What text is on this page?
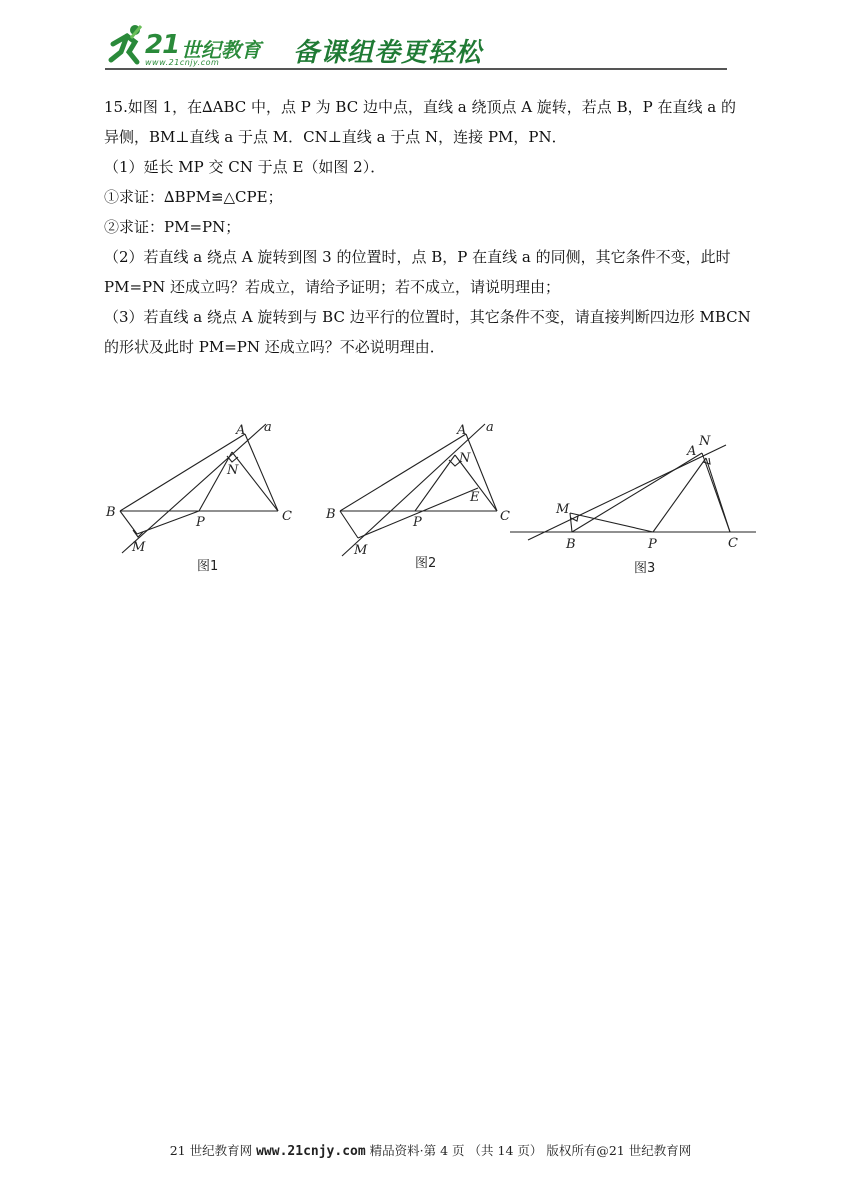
21 世纪教育
www.21cnjy.com	备课组卷更轻松

15.如图 1，在∆ABC 中，点 P 为 BC 边中点，直线 a 绕顶点 A 旋转，若点 B，P 在直线 a 的

异侧，BM⊥直线 a 于点 M．CN⊥直线 a 于点 N，连接 PM，PN．

（1）延长 MP 交 CN 于点 E（如图 2）．

①求证：∆BPM≌△CPE；

②求证：PM=PN；

（2）若直线 a 绕点 A 旋转到图 3 的位置时，点 B，P 在直线 a 的同侧，其它条件不变，此时

PM=PN 还成立吗？若成立，请给予证明；若不成立，请说明理由；

（3）若直线 a 绕点 A 旋转到与 BC 边平行的位置时，其它条件不变，请直接判断四边形 MBCN

的形状及此时 PM=PN 还成立吗？不必说明理由．

A a
N
B
P	C
M
A a
N
E
B
P	C
M
A
N
M
B	P	C
图1	图2	图3
21 世纪教育网 www.21cnjy.com 精品资料·第 4 页 （共 14 页） 版权所有@21 世纪教育网
